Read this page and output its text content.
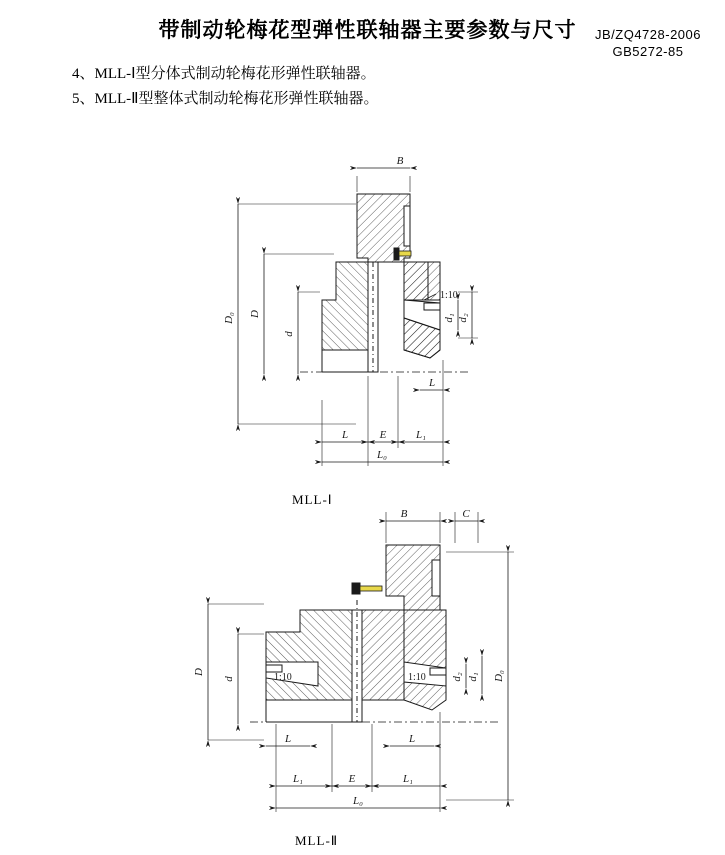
带制动轮梅花型弹性联轴器主要参数与尺寸	JB/ZQ4728-2006
GB5272-85
4、MLL-Ⅰ型分体式制动轮梅花形弹性联轴器。
5、MLL-Ⅱ型整体式制动轮梅花形弹性联轴器。
MLL-Ⅰ
MLL-Ⅱ
B
D₀ D
d
d₁ d₂
1:10
L
L	E	L₁
L₀
1:10	1:10
B	C
D
d	d₂ d₁ D₀
L	L
L₁	E	L₁
L₀
